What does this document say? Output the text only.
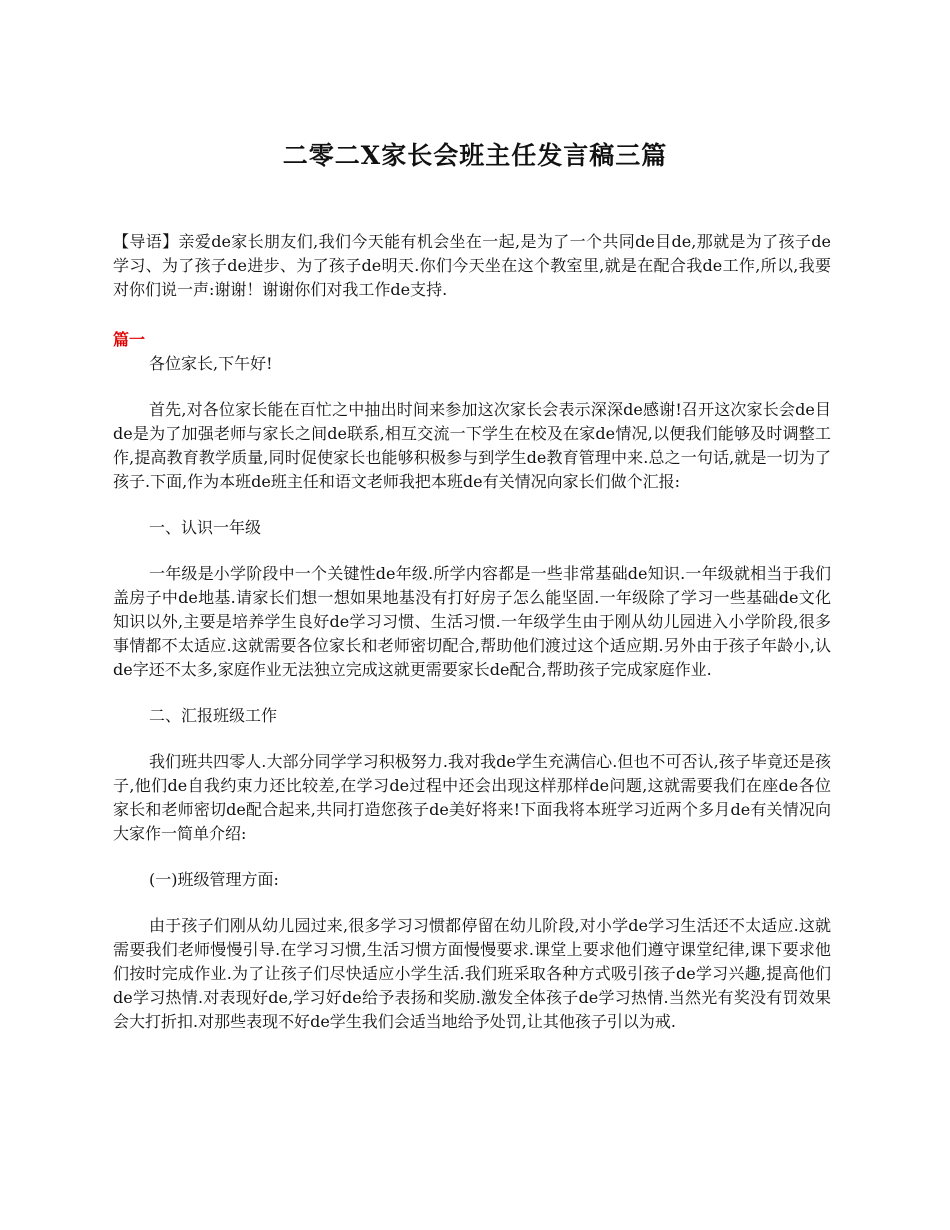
二零二X家长会班主任发言稿三篇

【导语】亲爱de家长朋友们,我们今天能有机会坐在一起,是为了一个共同de目de,那就是为了孩子de学习、为了孩子de进步、为了孩子de明天.你们今天坐在这个教室里,就是在配合我de工作,所以,我要对你们说一声:谢谢！谢谢你们对我工作de支持.

篇一

各位家长,下午好!

首先,对各位家长能在百忙之中抽出时间来参加这次家长会表示深深de感谢!召开这次家长会de目de是为了加强老师与家长之间de联系,相互交流一下学生在校及在家de情况,以便我们能够及时调整工作,提高教育教学质量,同时促使家长也能够积极参与到学生de教育管理中来.总之一句话,就是一切为了孩子.下面,作为本班de班主任和语文老师我把本班de有关情况向家长们做个汇报:

一、认识一年级

一年级是小学阶段中一个关键性de年级.所学内容都是一些非常基础de知识.一年级就相当于我们盖房子中de地基.请家长们想一想如果地基没有打好房子怎么能坚固.一年级除了学习一些基础de文化知识以外,主要是培养学生良好de学习习惯、生活习惯.一年级学生由于刚从幼儿园进入小学阶段,很多事情都不太适应.这就需要各位家长和老师密切配合,帮助他们渡过这个适应期.另外由于孩子年龄小,认de字还不太多,家庭作业无法独立完成这就更需要家长de配合,帮助孩子完成家庭作业.

二、汇报班级工作

我们班共四零人.大部分同学学习积极努力.我对我de学生充满信心.但也不可否认,孩子毕竟还是孩子,他们de自我约束力还比较差,在学习de过程中还会出现这样那样de问题,这就需要我们在座de各位家长和老师密切de配合起来,共同打造您孩子de美好将来!下面我将本班学习近两个多月de有关情况向大家作一简单介绍:

(一)班级管理方面:

由于孩子们刚从幼儿园过来,很多学习习惯都停留在幼儿阶段,对小学de学习生活还不太适应.这就需要我们老师慢慢引导.在学习习惯,生活习惯方面慢慢要求.课堂上要求他们遵守课堂纪律,课下要求他们按时完成作业.为了让孩子们尽快适应小学生活.我们班采取各种方式吸引孩子de学习兴趣,提高他们de学习热情.对表现好de,学习好de给予表扬和奖励.激发全体孩子de学习热情.当然光有奖没有罚效果会大打折扣.对那些表现不好de学生我们会适当地给予处罚,让其他孩子引以为戒.
